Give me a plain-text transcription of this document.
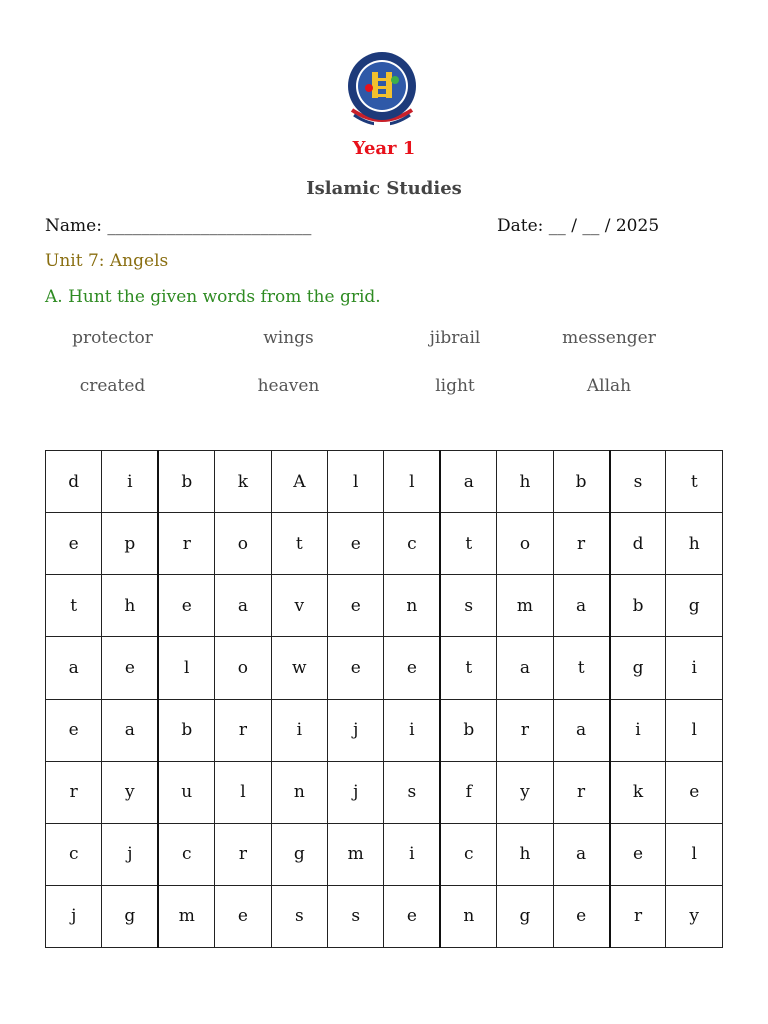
Year 1
Islamic Studies
Name: ________________________	Date: __ / __ / 2025
Unit 7: Angels
A. Hunt the given words from the grid.
protector	wings	jibrail	messenger
created	heaven	light	Allah
d	i	b	k	A	l	l	a	h	b	s	t
e	p	r	o	t	e	c	t	o	r	d	h
t	h	e	a	v	e	n	s	m	a	b	g
a	e	l	o	w	e	e	t	a	t	g	i
e	a	b	r	i	j	i	b	r	a	i	l
r	y	u	l	n	j	s	f	y	r	k	e
c	j	c	r	g	m	i	c	h	a	e	l
j	g	m	e	s	s	e	n	g	e	r	y
